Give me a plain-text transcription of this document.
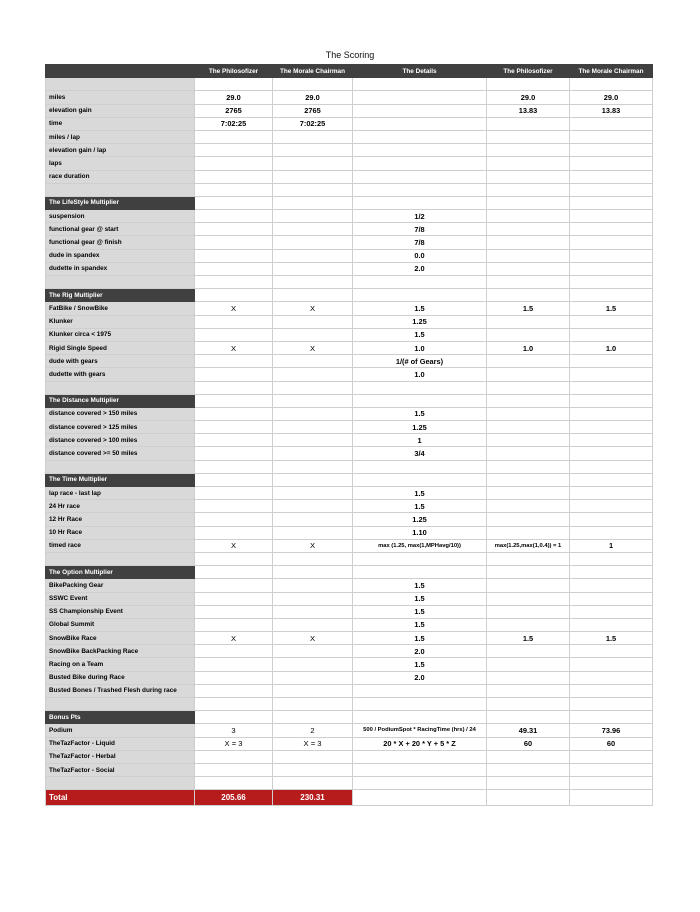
The Scoring
	The Philosofizer	The Morale Chairman	The Details	The Philosofizer	The Morale Chairman

miles	29.0	29.0		29.0	29.0
elevation gain	2765	2765		13.83	13.83
time	7:02:25	7:02:25			
miles / lap					
elevation gain / lap					
laps					
race duration					

The LifeStyle Multiplier					
suspension			1/2		
functional gear @ start			7/8		
functional gear @ finish			7/8		
dude in spandex			0.0		
dudette in spandex			2.0		

The Rig Multiplier					
FatBike / SnowBike	X	X	1.5	1.5	1.5
Klunker			1.25		
Klunker circa < 1975			1.5		
Rigid Single Speed	X	X	1.0	1.0	1.0
dude with gears			1/(# of Gears)		
dudette with gears			1.0		

The Distance Multiplier					
distance covered > 150 miles			1.5		
distance covered > 125 miles			1.25		
distance covered > 100 miles			1		
distance covered >= 50 miles			3/4		

The Time Multiplier					
lap race - last lap			1.5		
24 Hr race			1.5		
12 Hr Race			1.25		
10 Hr Race			1.10		
timed race	X	X	max (1.25, max(1,MPHavg/10))	max(1.25,max(1,0.4)) = 1	1

The Option Multiplier					
BikePacking Gear			1.5		
SSWC Event			1.5		
SS Championship Event			1.5		
Global Summit			1.5		
SnowBike Race	X	X	1.5	1.5	1.5
SnowBike BackPacking Race			2.0		
Racing on a Team			1.5		
Busted Bike during Race			2.0		
Busted Bones / Trashed Flesh during race					

Bonus Pts					
Podium	3	2	500 / PodiumSpot * RacingTime (hrs) / 24	49.31	73.96
TheTazFactor - Liquid	X = 3	X = 3	20 * X + 20 * Y + 5 * Z	60	60
TheTazFactor - Herbal					
TheTazFactor - Social					

Total	205.66	230.31			
